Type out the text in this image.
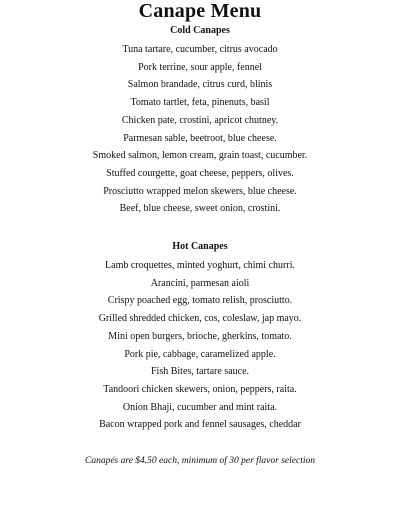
Canape Menu
Cold Canapes
Tuna tartare, cucumber, citrus avocado
Pork terrine, sour apple, fennel
Salmon brandade, citrus curd, blinis
Tomato tartlet, feta, pinenuts, basil
Chicken pate, crostini, apricot chutney.
Parmesan sable, beetroot, blue cheese.
Smoked salmon, lemon cream, grain toast, cucumber.
Stuffed courgette, goat cheese, peppers, olives.
Prosciutto wrapped melon skewers, blue cheese.
Beef, blue cheese, sweet onion, crostini.
Hot Canapes
Lamb croquettes, minted yoghurt, chimi churri.
Arancini, parmesan aioli
Crispy poached egg, tomato relish, prosciutto.
Grilled shredded chicken, cos, coleslaw, jap mayo.
Mini open burgers, brioche, gherkins, tomato.
Pork pie, cabbage, caramelized apple.
Fish Bites, tartare sauce.
Tandoori chicken skewers, onion, peppers, raita.
Onion Bhaji, cucumber and mint raita.
Bacon wrapped pork and fennel sausages, cheddar

Canapés are $4.50 each, minimum of 30 per flavor selection
